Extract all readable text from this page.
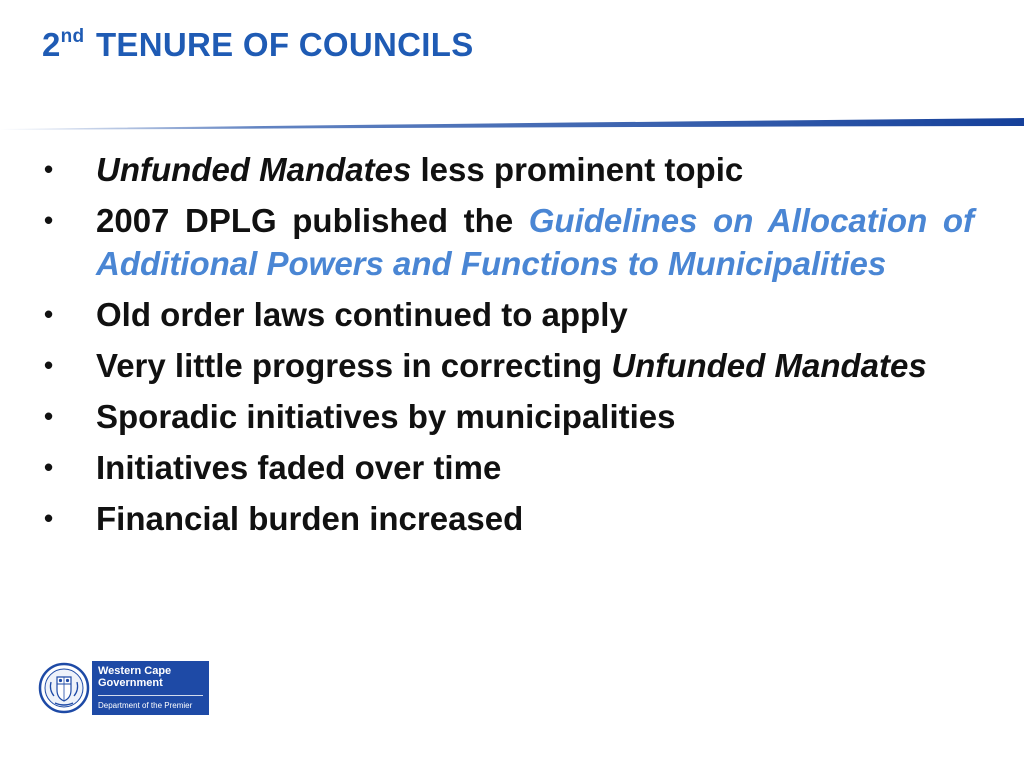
2nd TENURE OF COUNCILS
• Unfunded Mandates less prominent topic
• 2007 DPLG published the Guidelines on Allocation of Additional Powers and Functions to Municipalities
• Old order laws continued to apply
• Very little progress in correcting Unfunded Mandates
• Sporadic initiatives by municipalities
• Initiatives faded over time
• Financial burden increased
Western Cape
Government
Department of the Premier
